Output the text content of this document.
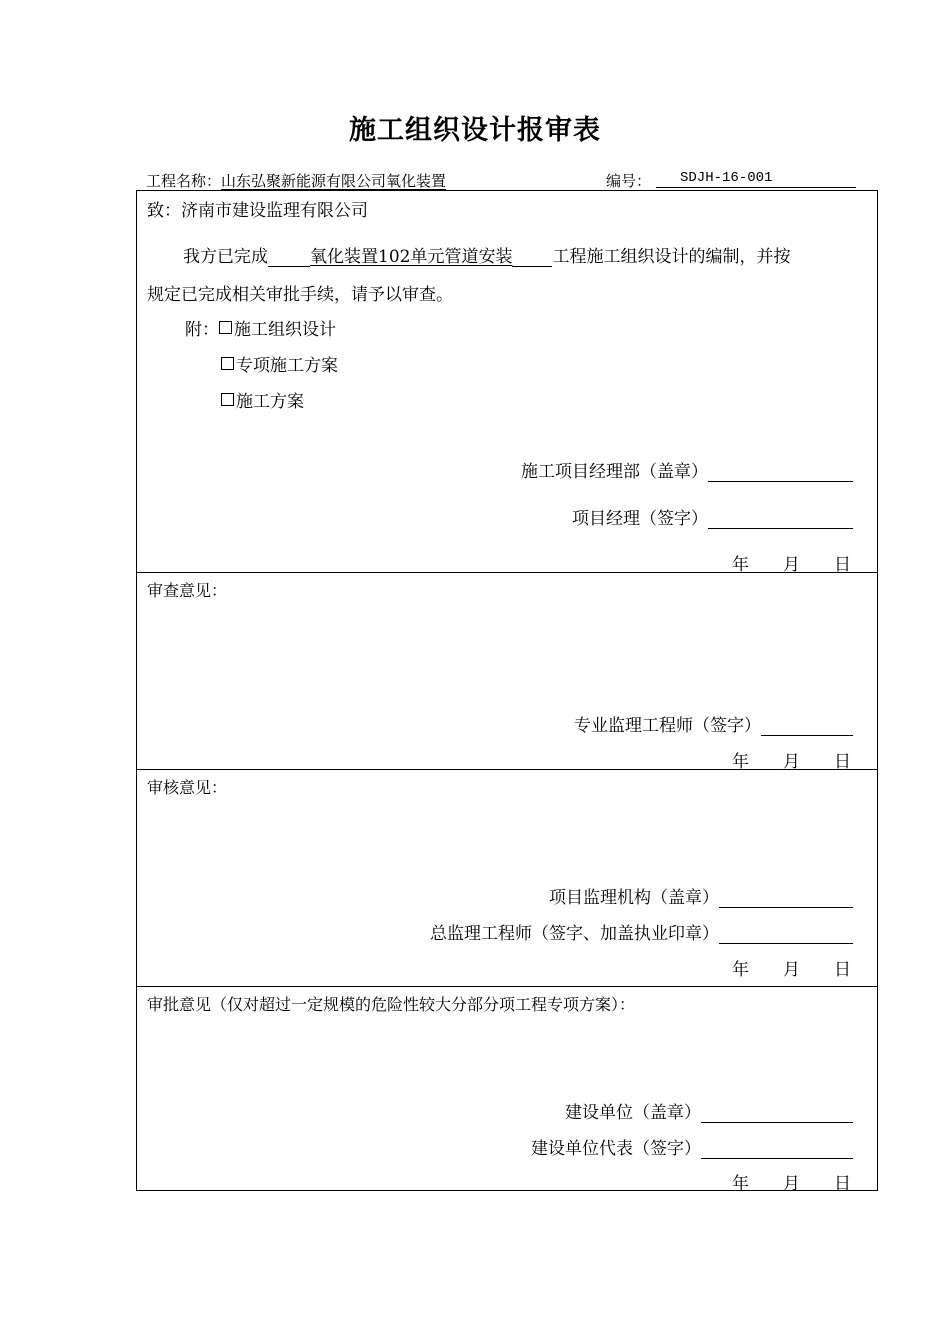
施工组织设计报审表
工程名称：山东弘聚新能源有限公司氧化装置	编号： SDJH-16-001
致：济南市建设监理有限公司
我方已完成 氧化装置102单元管道安装 工程施工组织设计的编制，并按
规定已完成相关审批手续，请予以审查。
附： 施工组织设计
专项施工方案
施工方案
施工项目经理部（盖章）
项目经理（签字）
年　　月　　日
审查意见：
专业监理工程师（签字）
年　　月　　日
审核意见：
项目监理机构（盖章）
总监理工程师（签字、加盖执业印章）
年　　月　　日
审批意见（仅对超过一定规模的危险性较大分部分项工程专项方案）：
建设单位（盖章）
建设单位代表（签字）
年　　月　　日
